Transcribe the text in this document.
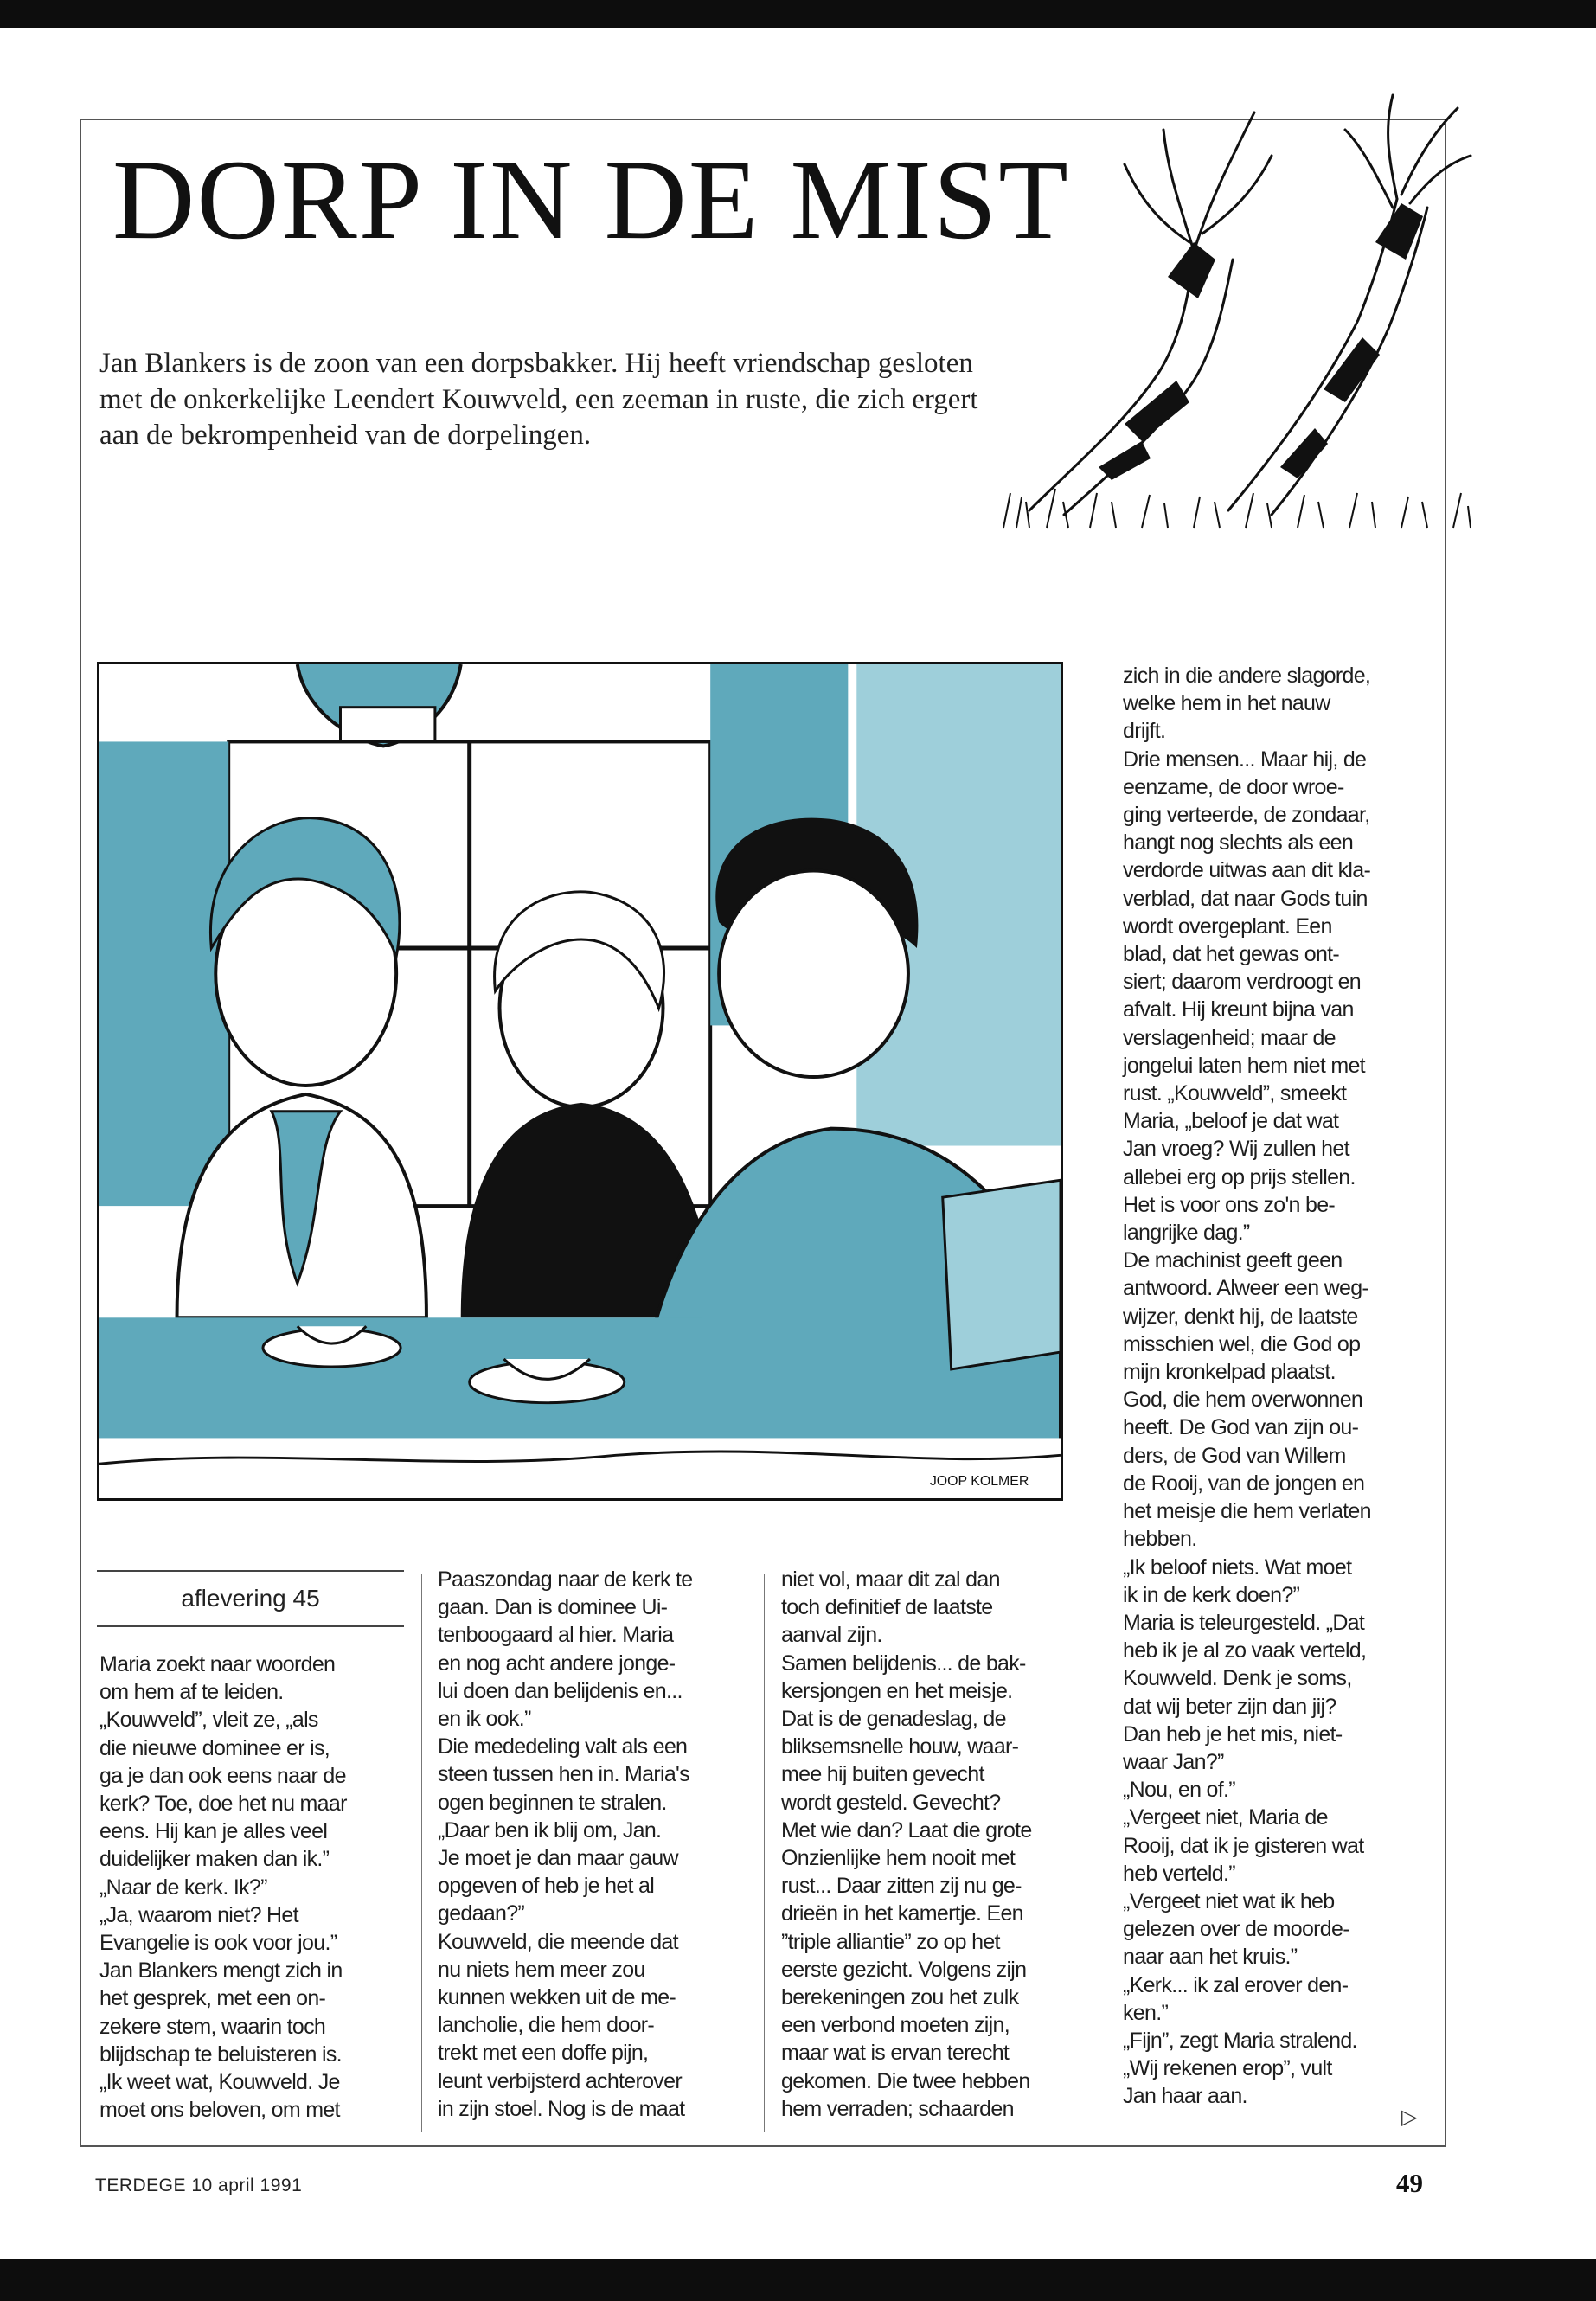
DORP IN DE MIST

Jan Blankers is de zoon van een dorpsbakker. Hij heeft vriendschap gesloten met de onkerkelijke Leendert Kouwveld, een zeeman in ruste, die zich ergert aan de bekrompenheid van de dorpelingen.

JOOP KOLMER
aflevering 45
Maria zoekt naar woorden
om hem af te leiden.
„Kouwveld”, vleit ze, „als
die nieuwe dominee er is,
ga je dan ook eens naar de
kerk? Toe, doe het nu maar
eens. Hij kan je alles veel
duidelijker maken dan ik.”
„Naar de kerk. Ik?”
„Ja, waarom niet? Het
Evangelie is ook voor jou.”
Jan Blankers mengt zich in
het gesprek, met een on-
zekere stem, waarin toch
blijdschap te beluisteren is.
„Ik weet wat, Kouwveld. Je
moet ons beloven, om met
Paaszondag naar de kerk te
gaan. Dan is dominee Ui-
tenboogaard al hier. Maria
en nog acht andere jonge-
lui doen dan belijdenis en...
en ik ook.”
Die mededeling valt als een
steen tussen hen in. Maria's
ogen beginnen te stralen.
„Daar ben ik blij om, Jan.
Je moet je dan maar gauw
opgeven of heb je het al
gedaan?”
Kouwveld, die meende dat
nu niets hem meer zou
kunnen wekken uit de me-
lancholie, die hem door-
trekt met een doffe pijn,
leunt verbijsterd achterover
in zijn stoel. Nog is de maat
niet vol, maar dit zal dan
toch definitief de laatste
aanval zijn.
Samen belijdenis... de bak-
kersjongen en het meisje.
Dat is de genadeslag, de
bliksemsnelle houw, waar-
mee hij buiten gevecht
wordt gesteld. Gevecht?
Met wie dan? Laat die grote
Onzienlijke hem nooit met
rust... Daar zitten zij nu ge-
drieën in het kamertje. Een
”triple alliantie” zo op het
eerste gezicht. Volgens zijn
berekeningen zou het zulk
een verbond moeten zijn,
maar wat is ervan terecht
gekomen. Die twee hebben
hem verraden; schaarden
zich in die andere slagorde,
welke hem in het nauw
drijft.
Drie mensen... Maar hij, de
eenzame, de door wroe-
ging verteerde, de zondaar,
hangt nog slechts als een
verdorde uitwas aan dit kla-
verblad, dat naar Gods tuin
wordt overgeplant. Een
blad, dat het gewas ont-
siert; daarom verdroogt en
afvalt. Hij kreunt bijna van
verslagenheid; maar de
jongelui laten hem niet met
rust. „Kouwveld”, smeekt
Maria, „beloof je dat wat
Jan vroeg? Wij zullen het
allebei erg op prijs stellen.
Het is voor ons zo'n be-
langrijke dag.”
De machinist geeft geen
antwoord. Alweer een weg-
wijzer, denkt hij, de laatste
misschien wel, die God op
mijn kronkelpad plaatst.
God, die hem overwonnen
heeft. De God van zijn ou-
ders, de God van Willem
de Rooij, van de jongen en
het meisje die hem verlaten
hebben.
„Ik beloof niets. Wat moet
ik in de kerk doen?”
Maria is teleurgesteld. „Dat
heb ik je al zo vaak verteld,
Kouwveld. Denk je soms,
dat wij beter zijn dan jij?
Dan heb je het mis, niet-
waar Jan?”
„Nou, en of.”
„Vergeet niet, Maria de
Rooij, dat ik je gisteren wat
heb verteld.”
„Vergeet niet wat ik heb
gelezen over de moorde-
naar aan het kruis.”
„Kerk... ik zal erover den-
ken.”
„Fijn”, zegt Maria stralend.
„Wij rekenen erop”, vult
Jan haar aan.
▷
TERDEGE 10 april 1991	49
